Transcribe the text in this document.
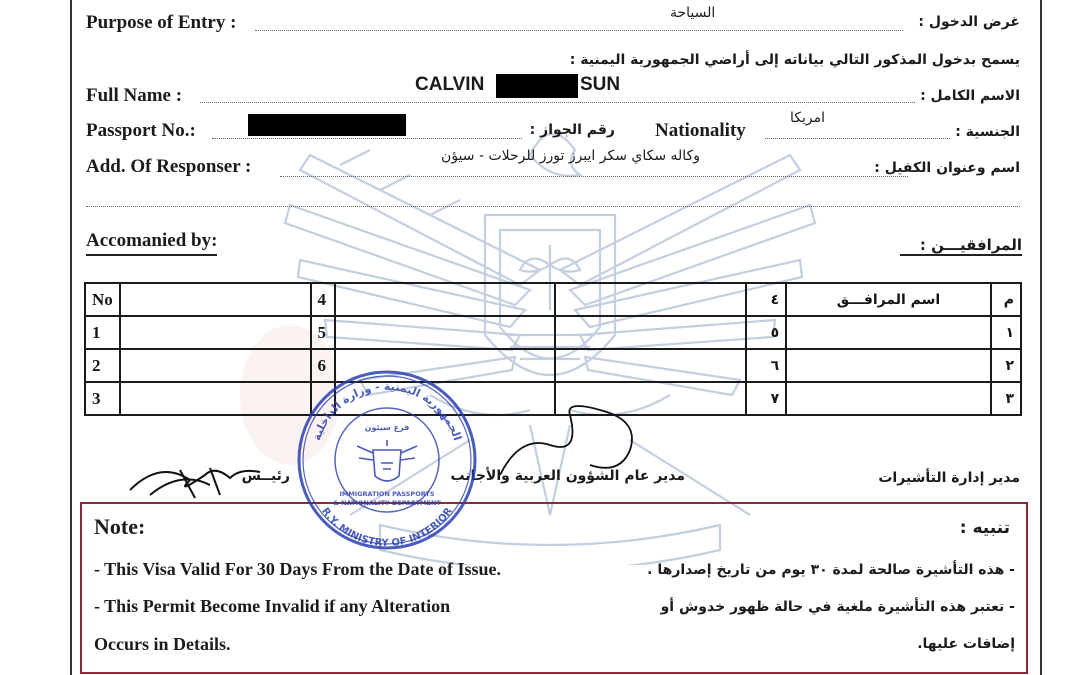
Purpose of Entry :	السياحة
غرض الدخول :
يسمح بدخول المذكور التالي بياناته إلى أراضي الجمهورية اليمنية :
Full Name :
CALVIN	SUN
الاسم الكامل :
Passport No.:	رقم الجواز : Nationality
امريكا
الجنسية :
Add. Of Responser :	وكاله سكاي سكر ايبرز تورز للرحلات - سيؤن
اسم وعنوان الكفيل :
Accomanied by:	المرافقيـــن :
No		4			٤	اسم المرافـــق	م
1		5			٥		١
2		6			٦		٢
3					٧		٣
رئيــس	مدير عام الشؤون العربية والأجانب	مدير إدارة التأشيرات
Note:	تنبيه :
- This Visa Valid For 30 Days From the Date of Issue.
- This Permit Become Invalid if any Alteration
Occurs in Details.
- هذه التأشيرة صالحة لمدة ٣٠ يوم من تاريخ إصدارها .
- تعتبر هذه التأشيرة ملغية في حالة ظهور خدوش أو
إضافات عليها.
الجمهورية اليمنية - وزارة الداخلية
R.Y. MINISTRY OF INTERIOR
فرع سيئون
IMMIGRATION PASSPORTS
& NATIONALITY DEPARTMENT
